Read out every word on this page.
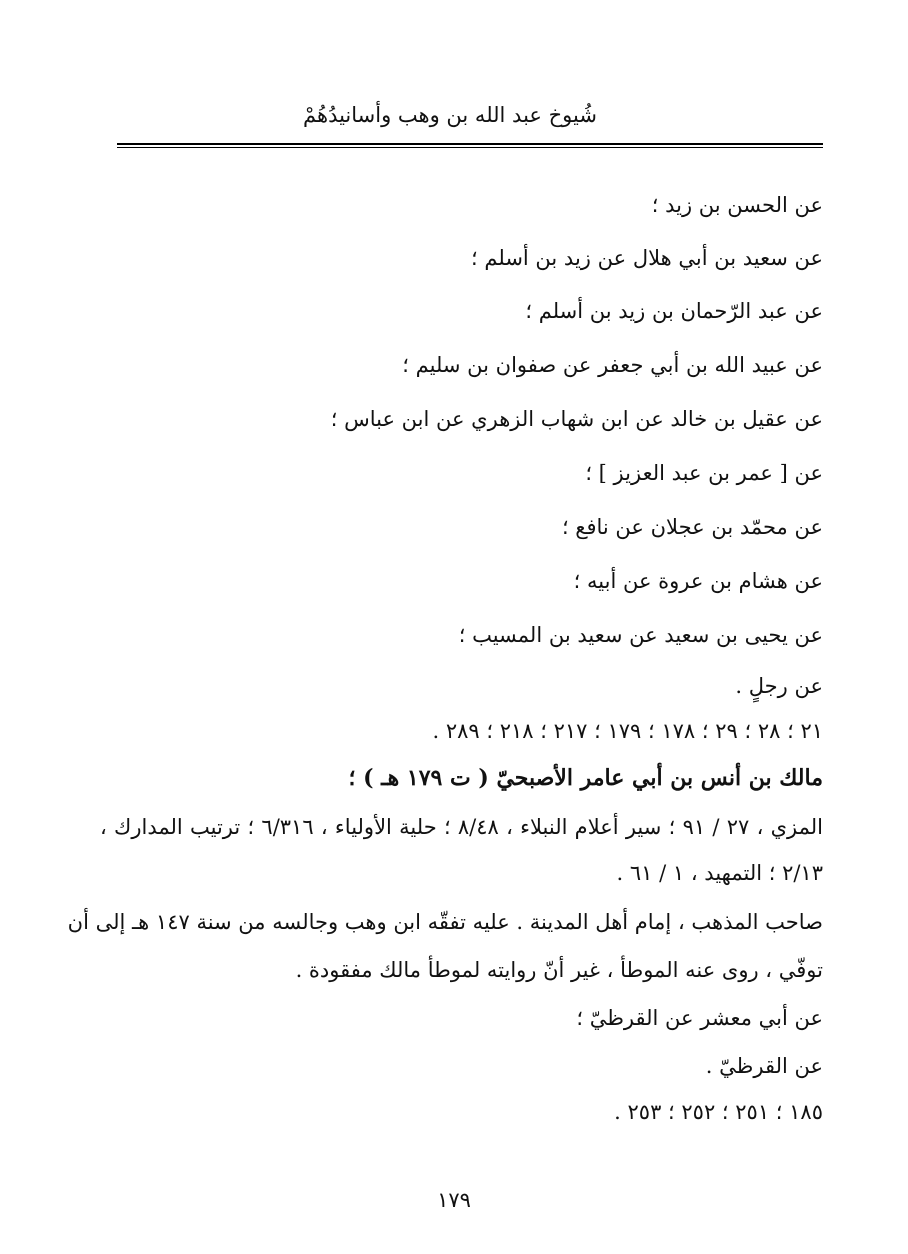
شُيوخ عبد الله بن وهب وأسانيدُهُمْ
عن الحسن بن زيد ؛
عن سعيد بن أبي هلال عن زيد بن أسلم ؛
عن عبد الرّحمان بن زيد بن أسلم ؛
عن عبيد الله بن أبي جعفر عن صفوان بن سليم ؛
عن عقيل بن خالد عن ابن شهاب الزهري عن ابن عباس ؛
عن [ عمر بن عبد العزيز ] ؛
عن محمّد بن عجلان عن نافع ؛
عن هشام بن عروة عن أبيه ؛
عن يحيى بن سعيد عن سعيد بن المسيب ؛
عن رجلٍ .
٢١ ؛ ٢٨ ؛ ٢٩ ؛ ١٧٨ ؛ ١٧٩ ؛ ٢١٧ ؛ ٢١٨ ؛ ٢٨٩ .
مالك بن أنس بن أبي عامر الأصبحيّ ( ت ١٧٩ هـ ) ؛
المزي ، ٢٧ / ٩١ ؛ سير أعلام النبلاء ، ٨/٤٨ ؛ حلية الأولياء ، ٦/٣١٦ ؛ ترتيب المدارك ،
٢/١٣ ؛ التمهيد ، ١ / ٦١ .
صاحب المذهب ، إمام أهل المدينة . عليه تفقّه ابن وهب وجالسه من سنة ١٤٧ هـ إلى أن
توفّي ، روى عنه الموطأ ، غير أنّ روايته لموطأ مالك مفقودة .
عن أبي معشر عن القرظيّ ؛
عن القرظيّ .
١٨٥ ؛ ٢٥١ ؛ ٢٥٢ ؛ ٢٥٣ .
١٧٩
